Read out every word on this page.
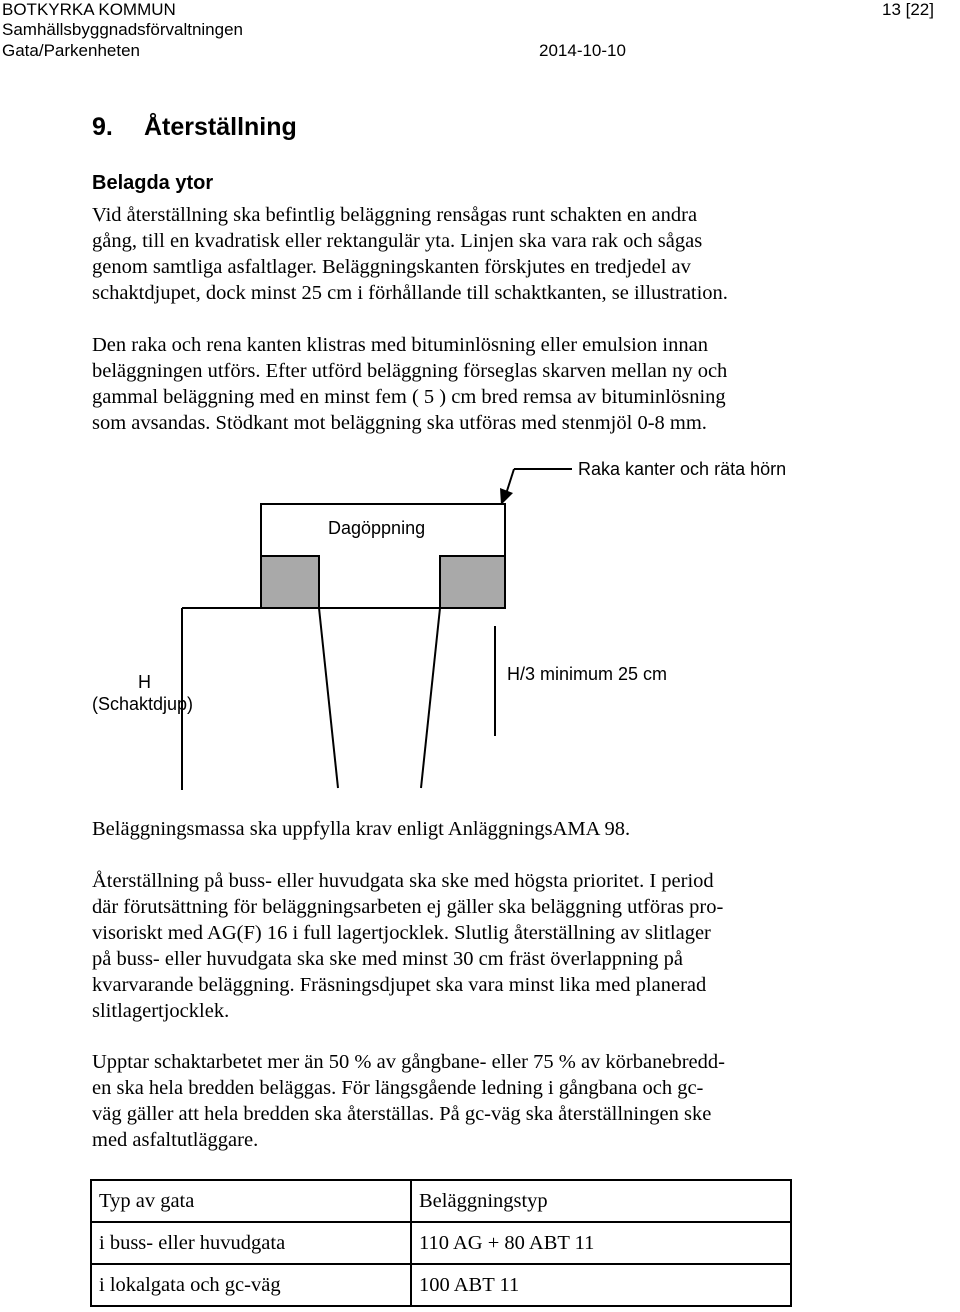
BOTKYRKA KOMMUN
Samhällsbyggnadsförvaltningen
Gata/Parkenheten	2014-10-10
13 [22]
9. Återställning
Belagda ytor

Vid återställning ska befintlig beläggning rensågas runt schakten en andra
gång, till en kvadratisk eller rektangulär yta. Linjen ska vara rak och sågas
genom samtliga asfaltlager. Beläggningskanten förskjutes en tredjedel av
schaktdjupet, dock minst 25 cm i förhållande till schaktkanten, se illustration.

Den raka och rena kanten klistras med bituminlösning eller emulsion innan
beläggningen utförs. Efter utförd beläggning förseglas skarven mellan ny och
gammal beläggning med en minst fem ( 5 ) cm bred remsa av bituminlösning
som avsandas. Stödkant mot beläggning ska utföras med stenmjöl 0-8 mm.

Raka kanter och räta hörn
Dagöppning
H/3 minimum 25 cm
H
(Schaktdjup)

Beläggningsmassa ska uppfylla krav enligt AnläggningsAMA 98.

Återställning på buss- eller huvudgata ska ske med högsta prioritet. I period
där förutsättning för beläggningsarbeten ej gäller ska beläggning utföras pro-
visoriskt med AG(F) 16 i full lagertjocklek. Slutlig återställning av slitlager
på buss- eller huvudgata ska ske med minst 30 cm fräst överlappning på
kvarvarande beläggning. Fräsningsdjupet ska vara minst lika med planerad
slitlagertjocklek.

Upptar schaktarbetet mer än 50 % av gångbane- eller 75 % av körbanebredd-
en ska hela bredden beläggas. För längsgående ledning i gångbana och gc-
väg gäller att hela bredden ska återställas. På gc-väg ska återställningen ske
med asfaltutläggare.

Typ av gata	Beläggningstyp
i buss- eller huvudgata	110 AG + 80 ABT 11
i lokalgata och gc-väg	100 ABT 11
